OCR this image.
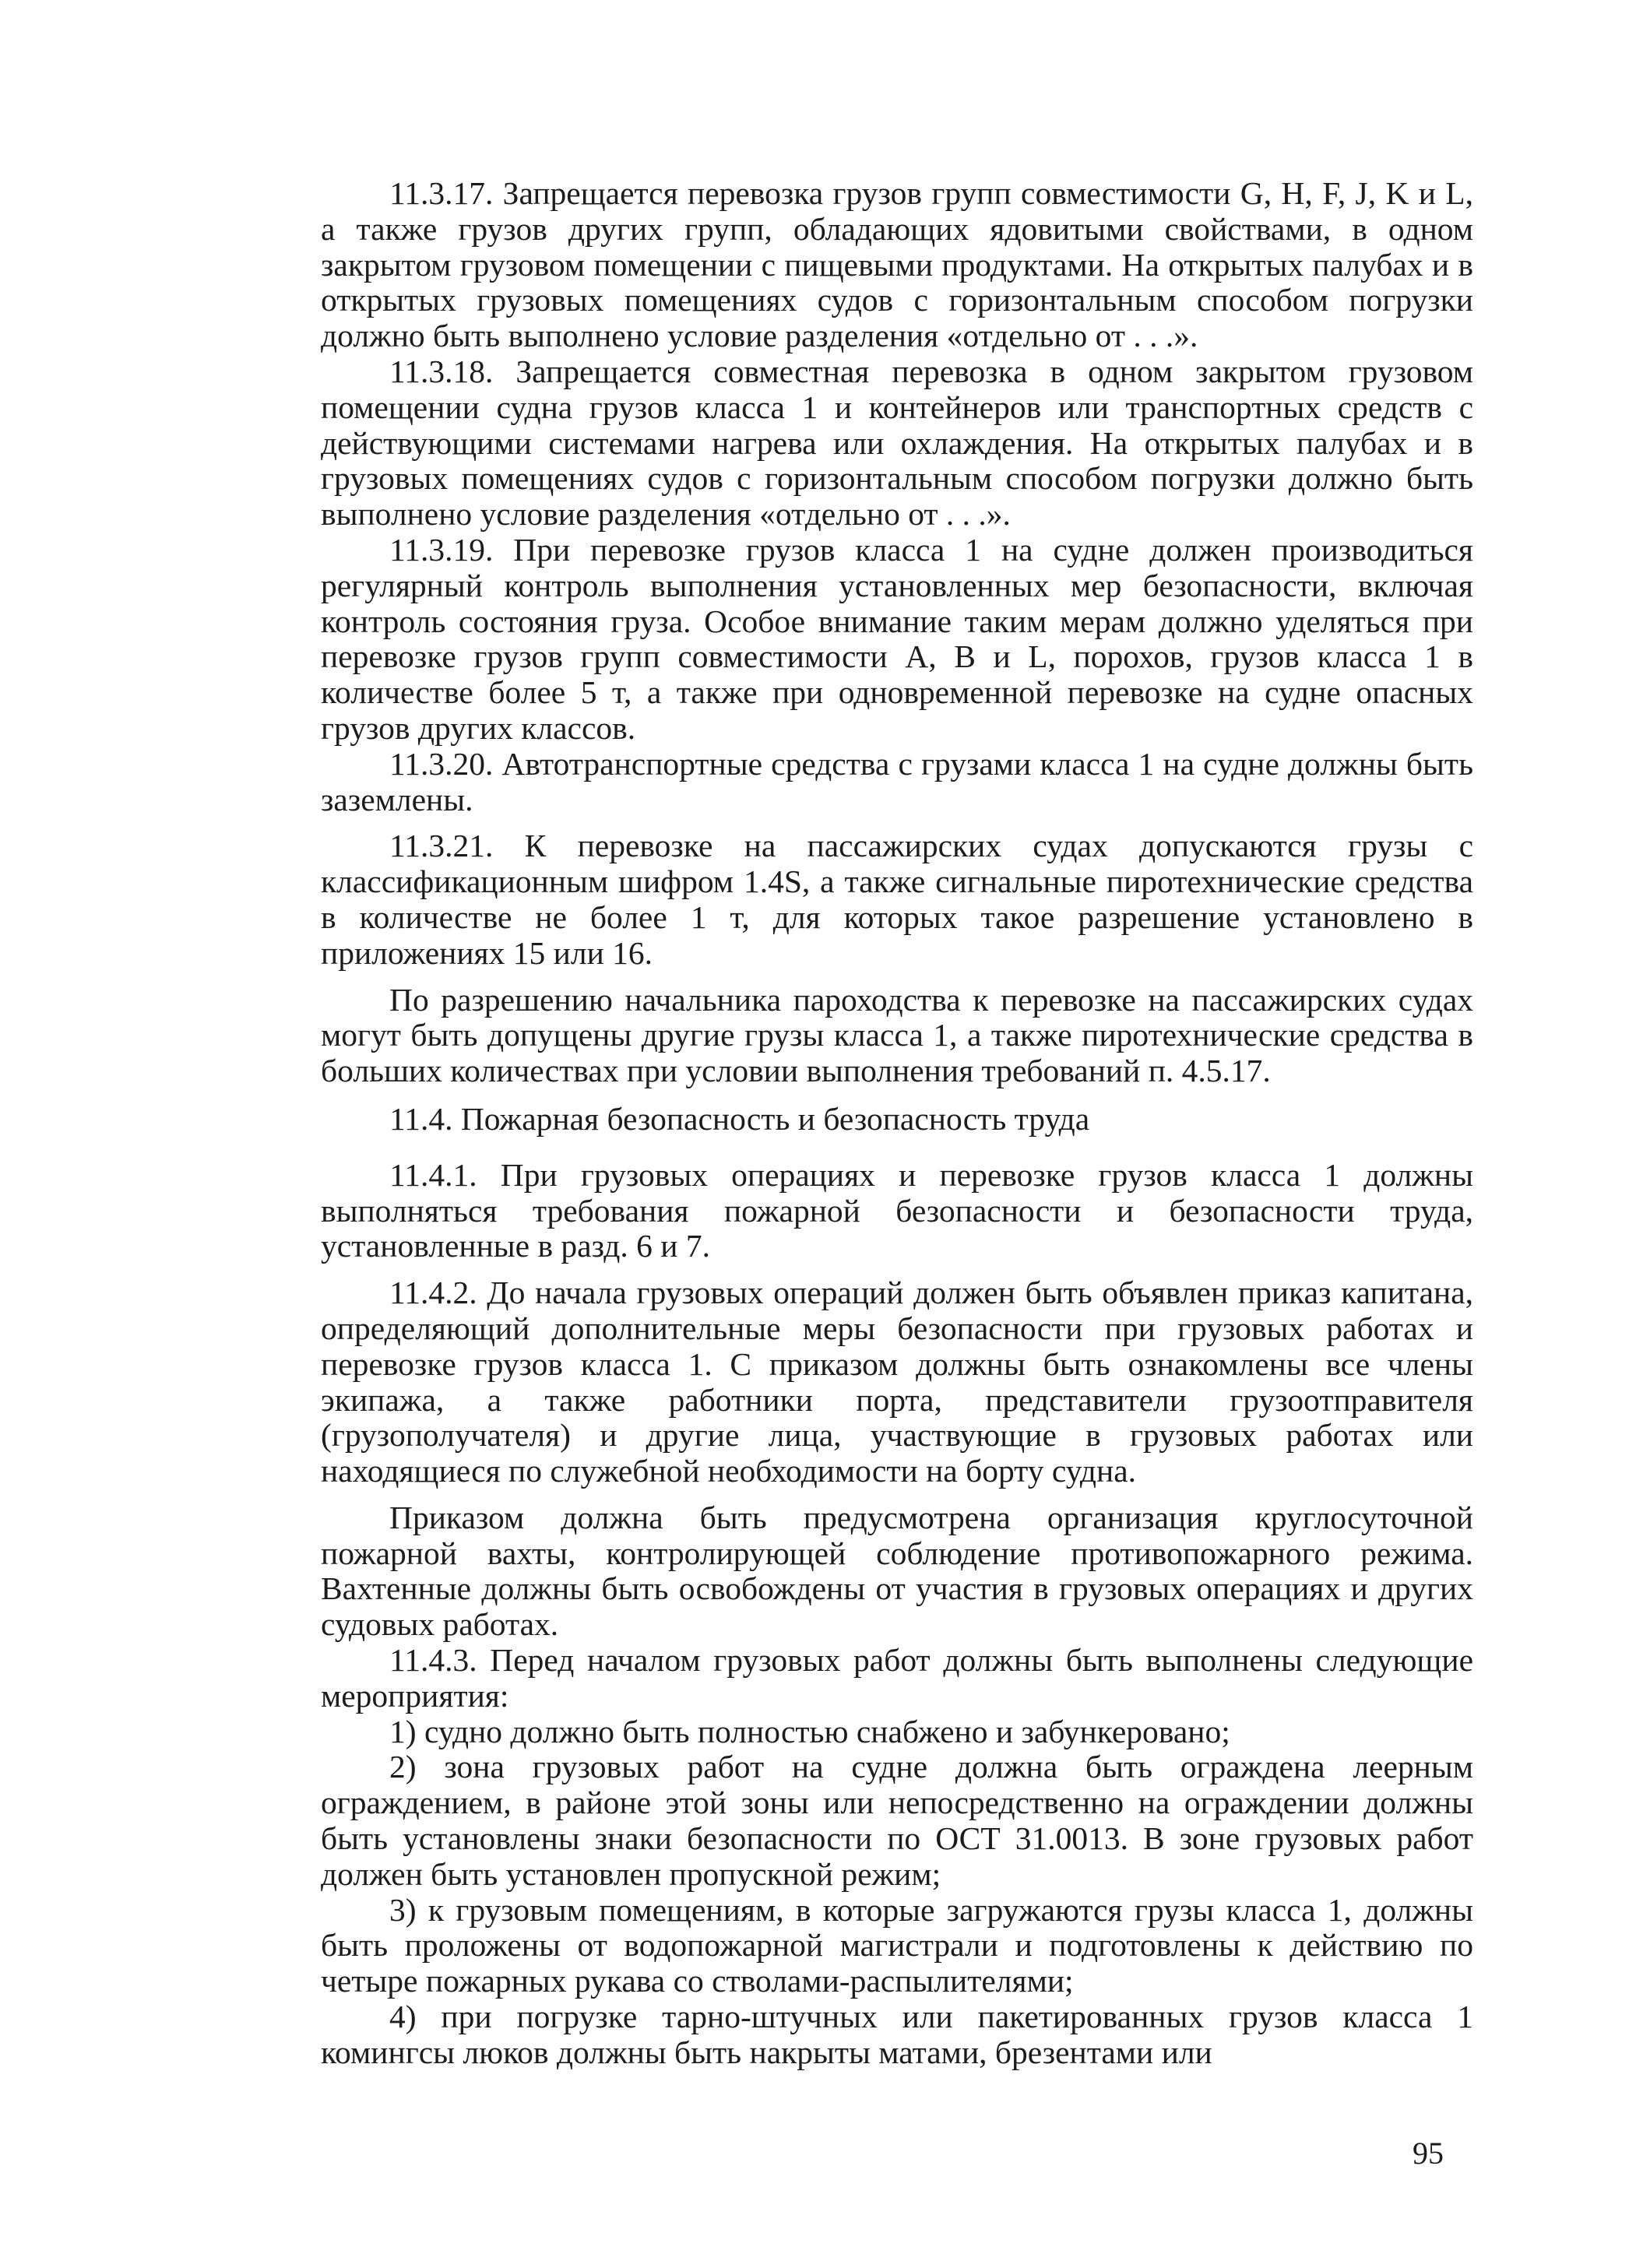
11.3.17. Запрещается перевозка грузов групп совместимости G, H, F, J, K и L, а также грузов других групп, обладающих ядовитыми свойствами, в одном закрытом грузовом помещении с пищевыми продуктами. На открытых палубах и в открытых грузовых помещениях судов с горизонтальным способом погрузки должно быть выполнено условие разделения «отдельно от . . .».

11.3.18. Запрещается совместная перевозка в одном закрытом грузовом помещении судна грузов класса 1 и контейнеров или транспортных средств с действующими системами нагрева или охлаждения. На открытых палубах и в грузовых помещениях судов с горизонтальным способом погрузки должно быть выполнено условие разделения «отдельно от . . .».

11.3.19. При перевозке грузов класса 1 на судне должен производиться регулярный контроль выполнения установленных мер безопасности, включая контроль состояния груза. Особое внимание таким мерам должно уделяться при перевозке грузов групп совместимости A, B и L, порохов, грузов класса 1 в количестве более 5 т, а также при одновременной перевозке на судне опасных грузов других классов.

11.3.20. Автотранспортные средства с грузами класса 1 на судне должны быть заземлены.

11.3.21. К перевозке на пассажирских судах допускаются грузы с классификационным шифром 1.4S, а также сигнальные пиротехнические средства в количестве не более 1 т, для которых такое разрешение установлено в приложениях 15 или 16.

По разрешению начальника пароходства к перевозке на пассажирских судах могут быть допущены другие грузы класса 1, а также пиротехнические средства в больших количествах при условии выполнения требований п. 4.5.17.

11.4. Пожарная безопасность и безопасность труда

11.4.1. При грузовых операциях и перевозке грузов класса 1 должны выполняться требования пожарной безопасности и безопасности труда, установленные в разд. 6 и 7.

11.4.2. До начала грузовых операций должен быть объявлен приказ капитана, определяющий дополнительные меры безопасности при грузовых работах и перевозке грузов класса 1. С приказом должны быть ознакомлены все члены экипажа, а также работники порта, представители грузоотправителя (грузополучателя) и другие лица, участвующие в грузовых работах или находящиеся по служебной необходимости на борту судна.

Приказом должна быть предусмотрена организация круглосуточной пожарной вахты, контролирующей соблюдение противопожарного режима. Вахтенные должны быть освобождены от участия в грузовых операциях и других судовых работах.

11.4.3. Перед началом грузовых работ должны быть выполнены следующие мероприятия:

1) судно должно быть полностью снабжено и забункеровано;

2) зона грузовых работ на судне должна быть ограждена леерным ограждением, в районе этой зоны или непосредственно на ограждении должны быть установлены знаки безопасности по ОСТ 31.0013. В зоне грузовых работ должен быть установлен пропускной режим;

3) к грузовым помещениям, в которые загружаются грузы класса 1, должны быть проложены от водопожарной магистрали и подготовлены к действию по четыре пожарных рукава со стволами-распылителями;

4) при погрузке тарно-штучных или пакетированных грузов класса 1 комингсы люков должны быть накрыты матами, брезентами или

95
